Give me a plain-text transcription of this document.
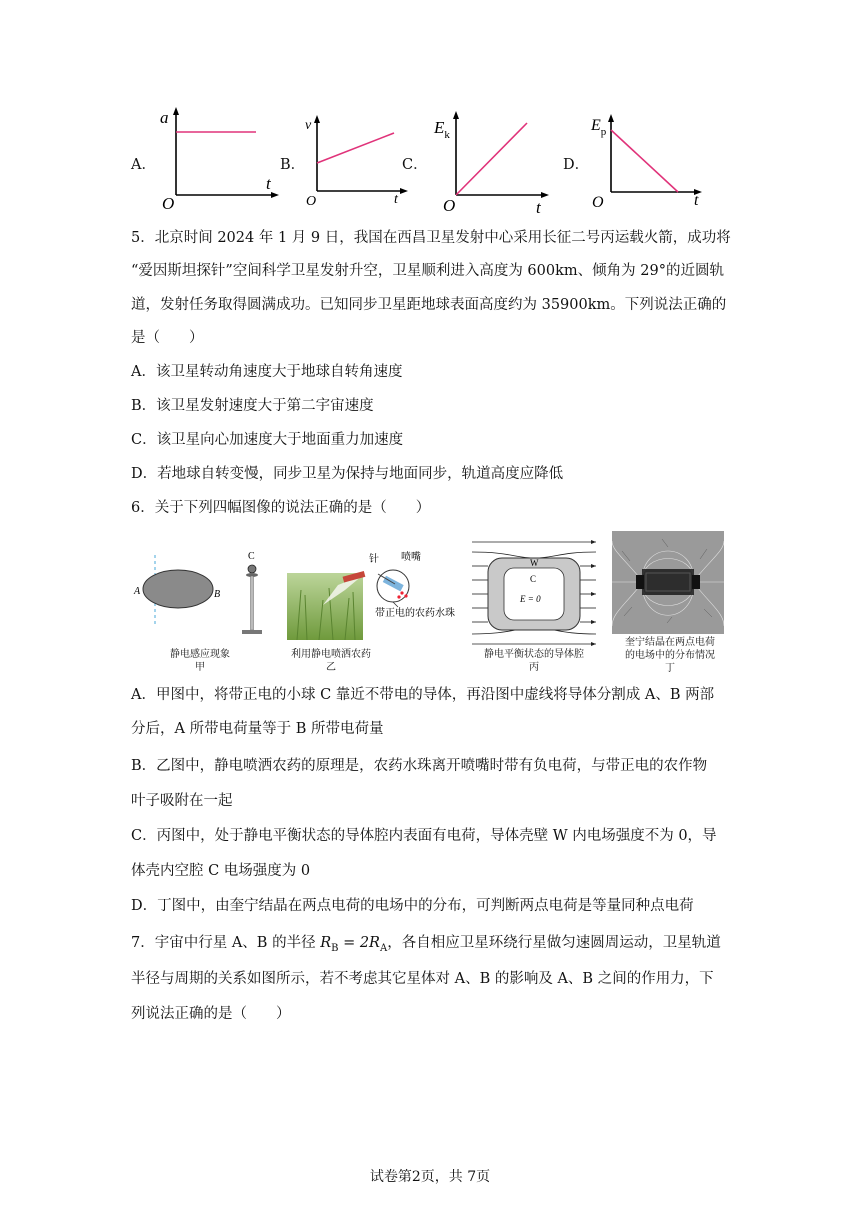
A．
a
t
O
B．
v
t
O
C．
$E_k$
t
O
D．
$E_p$
t
O
5．北京时间 2024 年 1 月 9 日，我国在西昌卫星发射中心采用长征二号丙运载火箭，成功将
“爱因斯坦探针”空间科学卫星发射升空，卫星顺利进入高度为 600km、倾角为 29°的近圆轨
道，发射任务取得圆满成功。已知同步卫星距地球表面高度约为 35900km。下列说法正确的
是（　　）
A．该卫星转动角速度大于地球自转角速度
B．该卫星发射速度大于第二宇宙速度
C．该卫星向心加速度大于地面重力加速度
D．若地球自转变慢，同步卫星为保持与地面同步，轨道高度应降低
6．关于下列四幅图像的说法正确的是（　　）
A	B
C
静电感应现象
甲
针 喷嘴
带正电的农药水珠
利用静电喷洒农药
乙
W
C
E = 0
静电平衡状态的导体腔
丙
奎宁结晶在两点电荷
的电场中的分布情况
丁
A．甲图中，将带正电的小球 C 靠近不带电的导体，再沿图中虚线将导体分割成 A、B 两部
分后，A 所带电荷量等于 B 所带电荷量
B．乙图中，静电喷洒农药的原理是，农药水珠离开喷嘴时带有负电荷，与带正电的农作物
叶子吸附在一起
C．丙图中，处于静电平衡状态的导体腔内表面有电荷，导体壳壁 W 内电场强度不为 0，导
体壳内空腔 C 电场强度为 0
D．丁图中，由奎宁结晶在两点电荷的电场中的分布，可判断两点电荷是等量同种点电荷
7．宇宙中行星 A、B 的半径 $R_B = 2R_A$，各自相应卫星环绕行星做匀速圆周运动，卫星轨道
半径与周期的关系如图所示，若不考虑其它星体对 A、B 的影响及 A、B 之间的作用力，下
列说法正确的是（　　）
试卷第2页，共 7页
